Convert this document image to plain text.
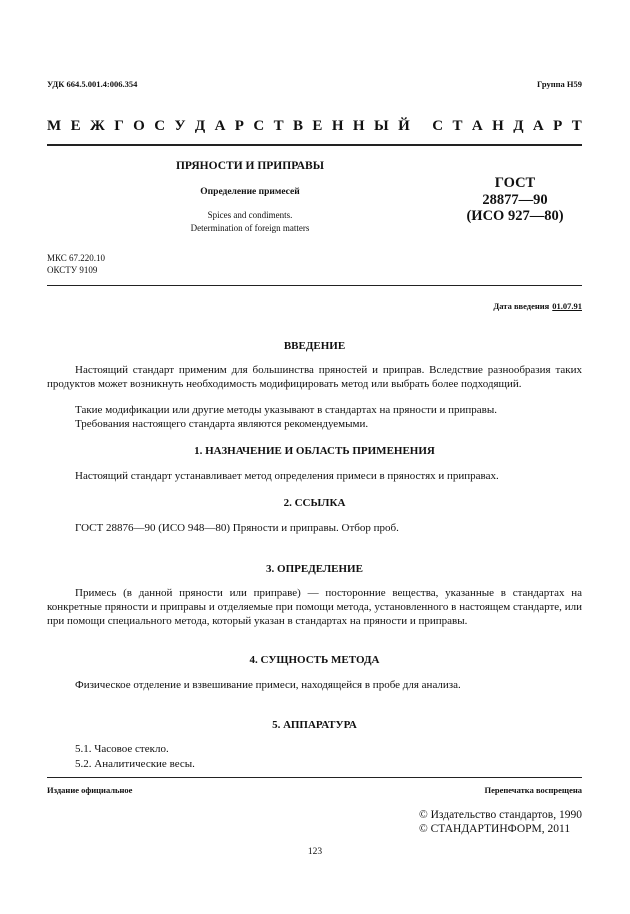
УДК 664.5.001.4:006.354	Группа Н59
М Е Ж Г О С У Д А Р С Т В Е Н Н Ы Й
С Т А Н Д А Р Т
ПРЯНОСТИ И ПРИПРАВЫ
Определение примесей
Spices and condiments.
Determination of foreign matters
ГОСТ
28877—90
(ИСО 927—80)
МКС 67.220.10
ОКСТУ 9109
Дата введения 01.07.91
ВВЕДЕНИЕ
Настоящий стандарт применим для большинства пряностей и приправ. Вследствие разнообразия таких продуктов может возникнуть необходимость модифицировать метод или выбрать более подходящий.
Такие модификации или другие методы указывают в стандартах на пряности и приправы.
Требования настоящего стандарта являются рекомендуемыми.
1. НАЗНАЧЕНИЕ И ОБЛАСТЬ ПРИМЕНЕНИЯ
Настоящий стандарт устанавливает метод определения примеси в пряностях и приправах.
2. ССЫЛКА
ГОСТ 28876—90 (ИСО 948—80) Пряности и приправы. Отбор проб.
3. ОПРЕДЕЛЕНИЕ
Примесь (в данной пряности или приправе) — посторонние вещества, указанные в стандартах на конкретные пряности и приправы и отделяемые при помощи метода, установленного в настоящем стандарте, или при помощи специального метода, который указан в стандартах на пряности и приправы.
4. СУЩНОСТЬ МЕТОДА
Физическое отделение и взвешивание примеси, находящейся в пробе для анализа.
5. АППАРАТУРА
5.1. Часовое стекло.
5.2. Аналитические весы.
Издание официальное	Перепечатка воспрещена
© Издательство стандартов, 1990
© СТАНДАРТИНФОРМ, 2011
123
